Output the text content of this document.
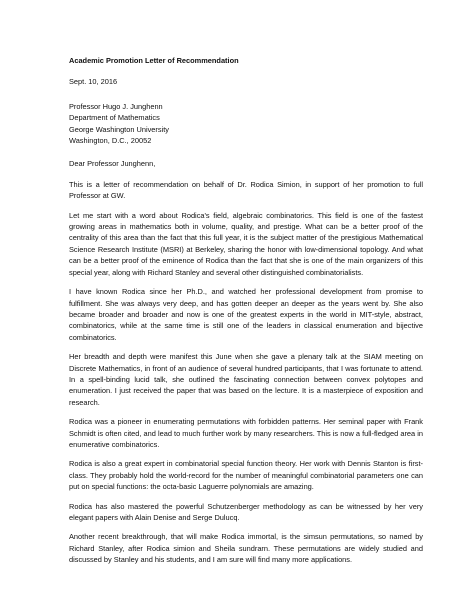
Academic Promotion Letter of Recommendation
Sept. 10, 2016
Professor Hugo J. Junghenn
Department of Mathematics
George Washington University
Washington, D.C., 20052
Dear Professor Junghenn,

This is a letter of recommendation on behalf of Dr. Rodica Simion, in support of her promotion to full Professor at GW.

Let me start with a word about Rodica's field, algebraic combinatorics. This field is one of the fastest growing areas in mathematics both in volume, quality, and prestige. What can be a better proof of the centrality of this area than the fact that this full year, it is the subject matter of the prestigious Mathematical Science Research Institute (MSRI) at Berkeley, sharing the honor with low-dimensional topology. And what can be a better proof of the eminence of Rodica than the fact that she is one of the main organizers of this special year, along with Richard Stanley and several other distinguished combinatorialists.

I have known Rodica since her Ph.D., and watched her professional development from promise to fulfillment. She was always very deep, and has gotten deeper an deeper as the years went by. She also became broader and broader and now is one of the greatest experts in the world in MIT-style, abstract, combinatorics, while at the same time is still one of the leaders in classical enumeration and bijective combinatorics.

Her breadth and depth were manifest this June when she gave a plenary talk at the SIAM meeting on Discrete Mathematics, in front of an audience of several hundred participants, that I was fortunate to attend. In a spell-binding lucid talk, she outlined the fascinating connection between convex polytopes and enumeration. I just received the paper that was based on the lecture. It is a masterpiece of exposition and research.

Rodica was a pioneer in enumerating permutations with forbidden patterns. Her seminal paper with Frank Schmidt is often cited, and lead to much further work by many researchers. This is now a full-fledged area in enumerative combinatorics.

Rodica is also a great expert in combinatorial special function theory. Her work with Dennis Stanton is first-class. They probably hold the world-record for the number of meaningful combinatorial parameters one can put on special functions: the octa-basic Laguerre polynomials are amazing.

Rodica has also mastered the powerful Schutzenberger methodology as can be witnessed by her very elegant papers with Alain Denise and Serge Dulucq.

Another recent breakthrough, that will make Rodica immortal, is the simsun permutations, so named by Richard Stanley, after Rodica simion and Sheila sundrarn. These permutations are widely studied and discussed by Stanley and his students, and I am sure will find many more applications.
